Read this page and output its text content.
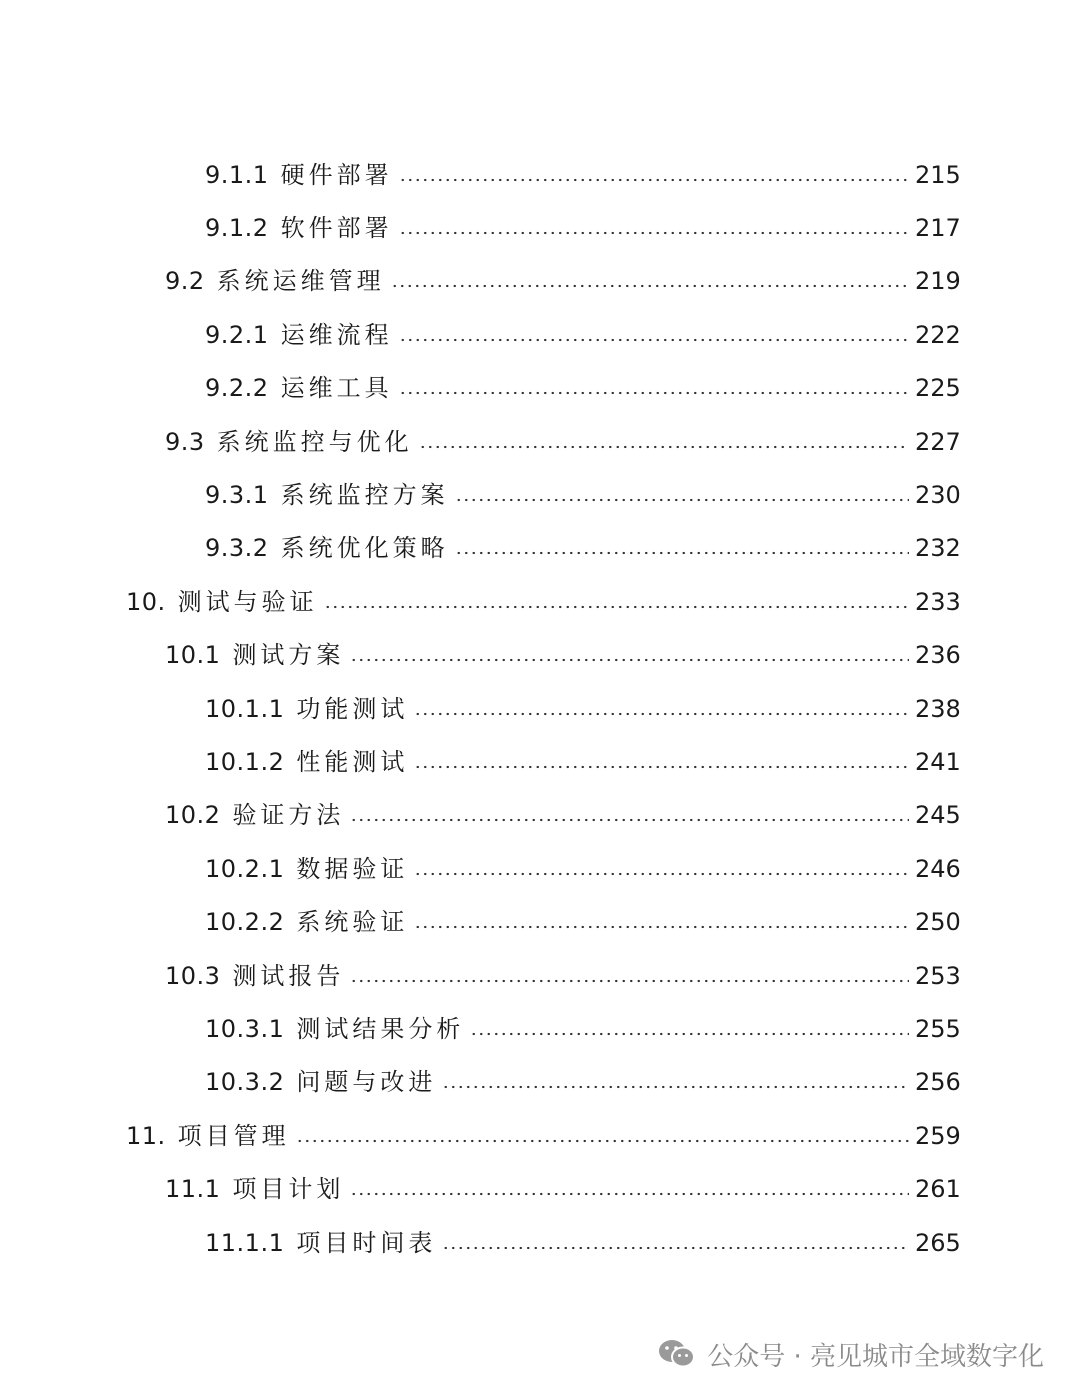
9.1.1 硬件部署	215
9.1.2 软件部署	217
9.2 系统运维管理	219
9.2.1 运维流程	222
9.2.2 运维工具	225
9.3 系统监控与优化	227
9.3.1 系统监控方案	230
9.3.2 系统优化策略	232
10. 测试与验证	233
10.1 测试方案	236
10.1.1 功能测试	238
10.1.2 性能测试	241
10.2 验证方法	245
10.2.1 数据验证	246
10.2.2 系统验证	250
10.3 测试报告	253
10.3.1 测试结果分析	255
10.3.2 问题与改进	256
11. 项目管理	259
11.1 项目计划	261
11.1.1 项目时间表	265
公众号 · 亮见城市全域数字化
